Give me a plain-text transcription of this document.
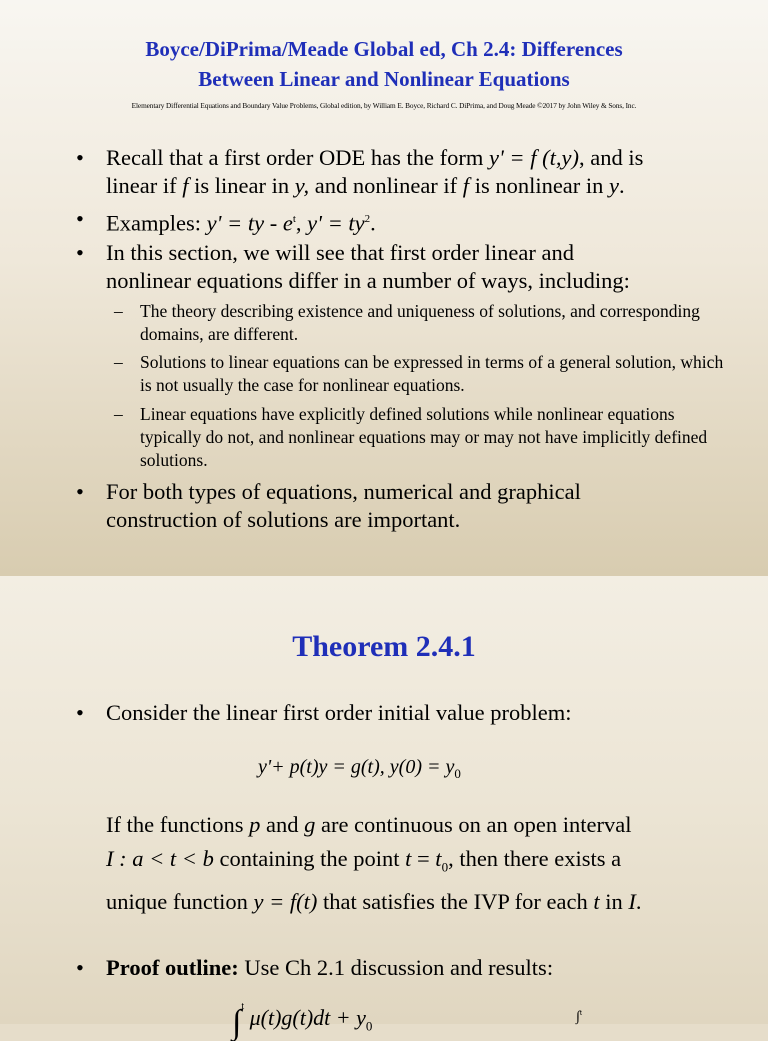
Boyce/DiPrima/Meade Global ed, Ch 2.4: Differences
Between Linear and Nonlinear Equations
Elementary Differential Equations and Boundary Value Problems, Global edition, by William E. Boyce, Richard C. DiPrima, and Doug Meade ©2017 by John Wiley & Sons, Inc.
• Recall that a first order ODE has the form y' = f (t,y), and is
linear if f is linear in y, and nonlinear if f is nonlinear in y.
• Examples: y' = ty - $e^t$, $y' = ty^2$.
• In this section, we will see that first order linear and
nonlinear equations differ in a number of ways, including:
– The theory describing existence and uniqueness of solutions, and corresponding domains, are different.
– Solutions to linear equations can be expressed in terms of a general solution, which is not usually the case for nonlinear equations.
– Linear equations have explicitly defined solutions while nonlinear equations typically do not, and nonlinear equations may or may not have implicitly defined solutions.
• For both types of equations, numerical and graphical
construction of solutions are important.
Theorem 2.4.1
• Consider the linear first order initial value problem:
y'+ p(t)y = g(t), $y(0) = y_0$
If the functions p and g are continuous on an open interval
I : a < t < b containing the point $t = t_0$, then there exists a
unique function y = f(t) that satisfies the IVP for each t in I.
• Proof outline: Use Ch 2.1 discussion and results:
∫$^t$ $\mu(t)g(t)dt + y_0$
∫$^t$
